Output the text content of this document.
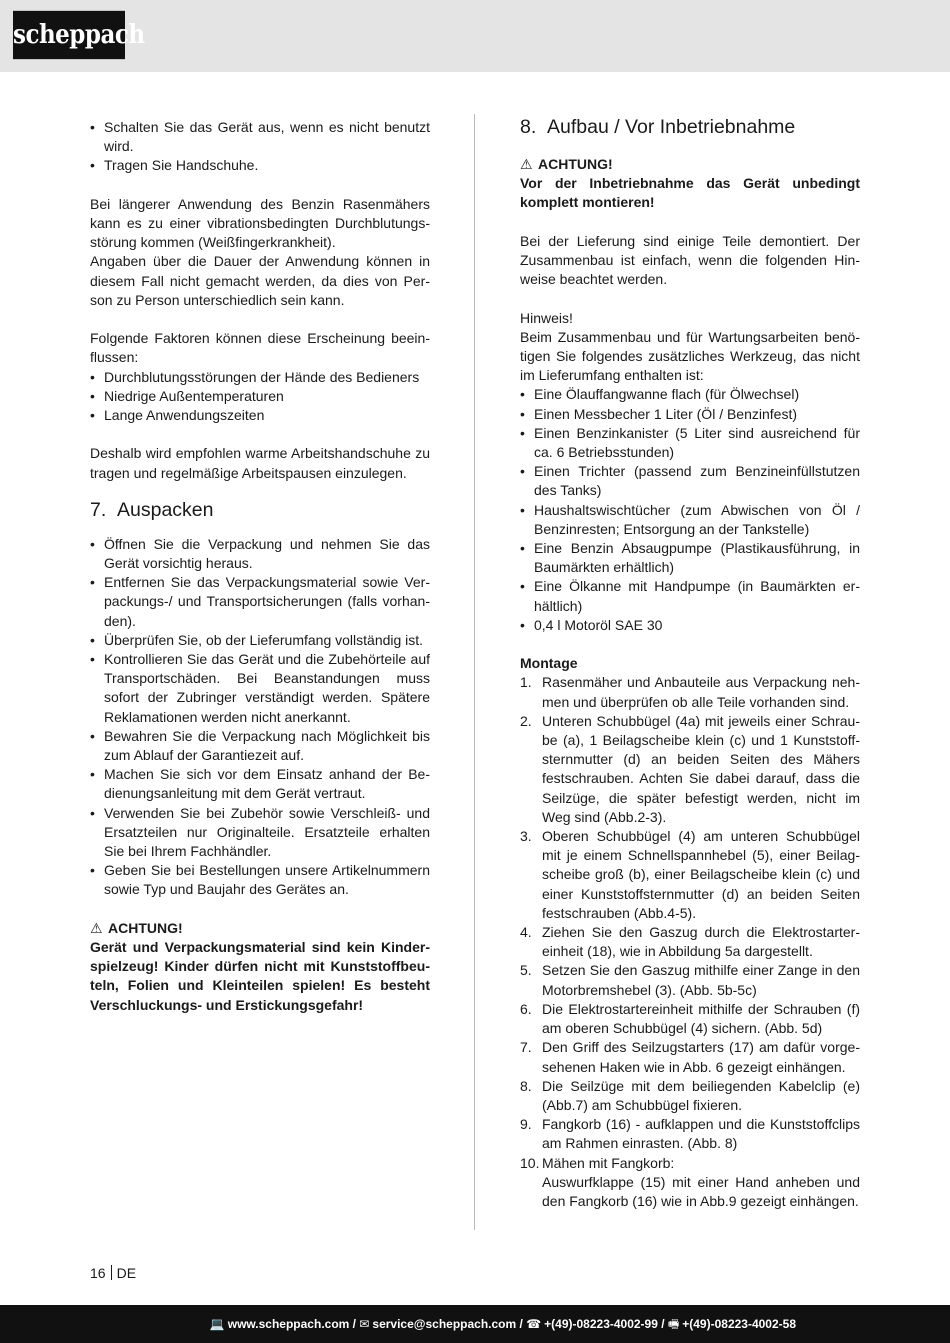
scheppach
• Schalten Sie das Gerät aus, wenn es nicht benutzt wird.
• Tragen Sie Handschuhe.

Bei längerer Anwendung des Benzin Rasenmähers kann es zu einer vibrationsbedingten Durchblutungsstörung kommen (Weißfingerkrankheit).

Angaben über die Dauer der Anwendung können in diesem Fall nicht gemacht werden, da dies von Person zu Person unterschiedlich sein kann.

Folgende Faktoren können diese Erscheinung beeinflussen:

• Durchblutungsstörungen der Hände des Bedieners
• Niedrige Außentemperaturen
• Lange Anwendungszeiten

Deshalb wird empfohlen warme Arbeitshandschuhe zu tragen und regelmäßige Arbeitspausen einzulegen.

7. Auspacken
• Öffnen Sie die Verpackung und nehmen Sie das Gerät vorsichtig heraus.
• Entfernen Sie das Verpackungsmaterial sowie Verpackungs-/ und Transportsicherungen (falls vorhanden).
• Überprüfen Sie, ob der Lieferumfang vollständig ist.
• Kontrollieren Sie das Gerät und die Zubehörteile auf Transportschäden. Bei Beanstandungen muss sofort der Zubringer verständigt werden. Spätere Reklamationen werden nicht anerkannt.
• Bewahren Sie die Verpackung nach Möglichkeit bis zum Ablauf der Garantiezeit auf.
• Machen Sie sich vor dem Einsatz anhand der Bedienungsanleitung mit dem Gerät vertraut.
• Verwenden Sie bei Zubehör sowie Verschleiß- und Ersatzteilen nur Originalteile. Ersatzteile erhalten Sie bei Ihrem Fachhändler.
• Geben Sie bei Bestellungen unsere Artikelnummern sowie Typ und Baujahr des Gerätes an.
⚠ ACHTUNG!

Gerät und Verpackungsmaterial sind kein Kinderspielzeug! Kinder dürfen nicht mit Kunststoffbeuteln, Folien und Kleinteilen spielen! Es besteht Verschluckungs- und Erstickungsgefahr!

8. Aufbau / Vor Inbetriebnahme
⚠ ACHTUNG!

Vor der Inbetriebnahme das Gerät unbedingt komplett montieren!

Bei der Lieferung sind einige Teile demontiert. Der Zusammenbau ist einfach, wenn die folgenden Hinweise beachtet werden.

Hinweis!

Beim Zusammenbau und für Wartungsarbeiten benötigen Sie folgendes zusätzliches Werkzeug, das nicht im Lieferumfang enthalten ist:

• Eine Ölauffangwanne flach (für Ölwechsel)
• Einen Messbecher 1 Liter (Öl / Benzinfest)
• Einen Benzinkanister (5 Liter sind ausreichend für ca. 6 Betriebsstunden)
• Einen Trichter (passend zum Benzineinfüllstutzen des Tanks)
• Haushaltswischtücher (zum Abwischen von Öl / Benzinresten; Entsorgung an der Tankstelle)
• Eine Benzin Absaugpumpe (Plastikausführung, in Baumärkten erhältlich)
• Eine Ölkanne mit Handpumpe (in Baumärkten erhältlich)
• 0,4 l Motoröl SAE 30
Montage
1. Rasenmäher und Anbauteile aus Verpackung nehmen und überprüfen ob alle Teile vorhanden sind.
2. Unteren Schubbügel (4a) mit jeweils einer Schraube (a), 1 Beilagscheibe klein (c) und 1 Kunststoffsternmutter (d) an beiden Seiten des Mähers festschrauben. Achten Sie dabei darauf, dass die Seilzüge, die später befestigt werden, nicht im Weg sind (Abb.2-3).
3. Oberen Schubbügel (4) am unteren Schubbügel mit je einem Schnellspannhebel (5), einer Beilagscheibe groß (b), einer Beilagscheibe klein (c) und einer Kunststoffsternmutter (d) an beiden Seiten festschrauben (Abb.4-5).
4. Ziehen Sie den Gaszug durch die Elektrostartereinheit (18), wie in Abbildung 5a dargestellt.
5. Setzen Sie den Gaszug mithilfe einer Zange in den Motorbremshebel (3). (Abb. 5b-5c)
6. Die Elektrostartereinheit mithilfe der Schrauben (f) am oberen Schubbügel (4) sichern. (Abb. 5d)
7. Den Griff des Seilzugstarters (17) am dafür vorgesehenen Haken wie in Abb. 6 gezeigt einhängen.
8. Die Seilzüge mit dem beiliegenden Kabelclip (e) (Abb.7) am Schubbügel fixieren.
9. Fangkorb (16) - aufklappen und die Kunststoffclips am Rahmen einrasten. (Abb. 8)
10. Mähen mit Fangkorb:
Auswurfklappe (15) mit einer Hand anheben und den Fangkorb (16) wie in Abb.9 gezeigt einhängen.
16 DE
💻 www.scheppach.com / ✉ service@scheppach.com / ☎ +(49)-08223-4002-99 / 🖷 +(49)-08223-4002-58
